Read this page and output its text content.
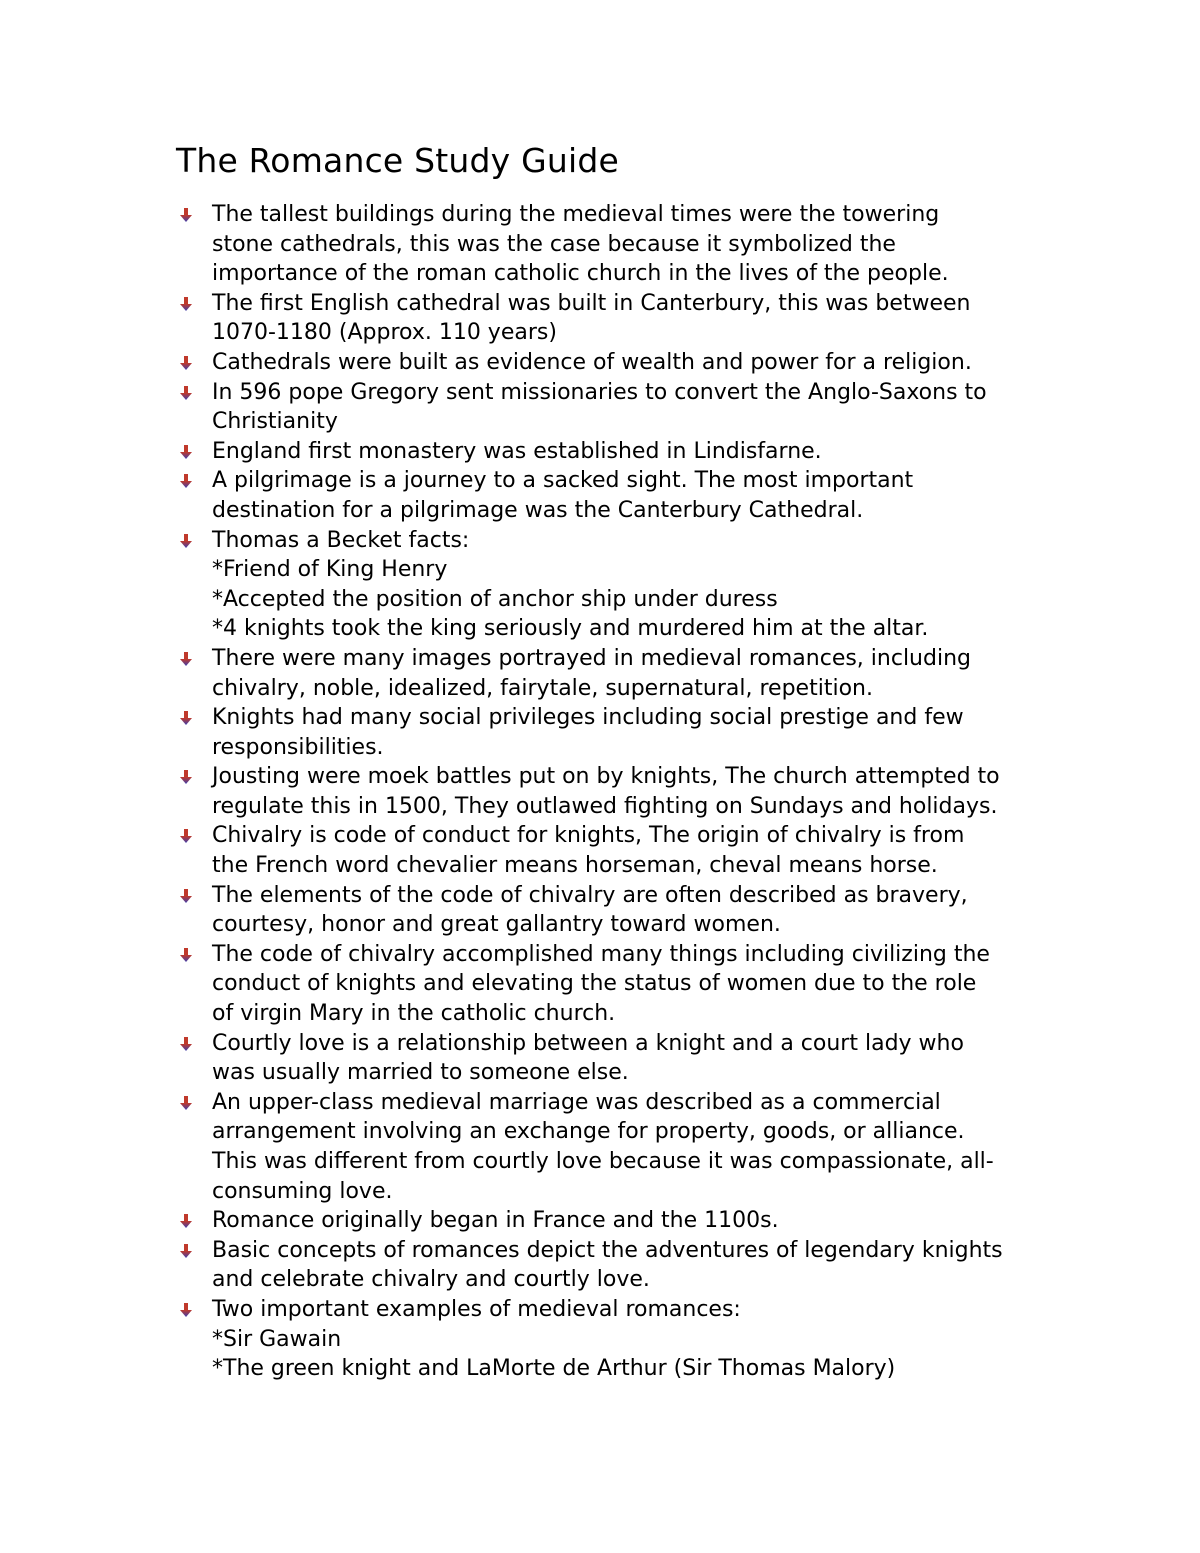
The Romance Study Guide
The tallest buildings during the medieval times were the towering
stone cathedrals, this was the case because it symbolized the
importance of the roman catholic church in the lives of the people.
The first English cathedral was built in Canterbury, this was between
1070-1180 (Approx. 110 years)
Cathedrals were built as evidence of wealth and power for a religion.
In 596 pope Gregory sent missionaries to convert the Anglo-Saxons to
Christianity
England first monastery was established in Lindisfarne.
A pilgrimage is a journey to a sacked sight. The most important
destination for a pilgrimage was the Canterbury Cathedral.
Thomas a Becket facts:
*Friend of King Henry
*Accepted the position of anchor ship under duress
*4 knights took the king seriously and murdered him at the altar.
There were many images portrayed in medieval romances, including
chivalry, noble, idealized, fairytale, supernatural, repetition.
Knights had many social privileges including social prestige and few
responsibilities.
Jousting were moek battles put on by knights, The church attempted to
regulate this in 1500, They outlawed fighting on Sundays and holidays.
Chivalry is code of conduct for knights, The origin of chivalry is from
the French word chevalier means horseman, cheval means horse.
The elements of the code of chivalry are often described as bravery,
courtesy, honor and great gallantry toward women.
The code of chivalry accomplished many things including civilizing the
conduct of knights and elevating the status of women due to the role
of virgin Mary in the catholic church.
Courtly love is a relationship between a knight and a court lady who
was usually married to someone else.
An upper-class medieval marriage was described as a commercial
arrangement involving an exchange for property, goods, or alliance.
This was different from courtly love because it was compassionate, all-
consuming love.
Romance originally began in France and the 1100s.
Basic concepts of romances depict the adventures of legendary knights
and celebrate chivalry and courtly love.
Two important examples of medieval romances:
*Sir Gawain
*The green knight and LaMorte de Arthur (Sir Thomas Malory)
